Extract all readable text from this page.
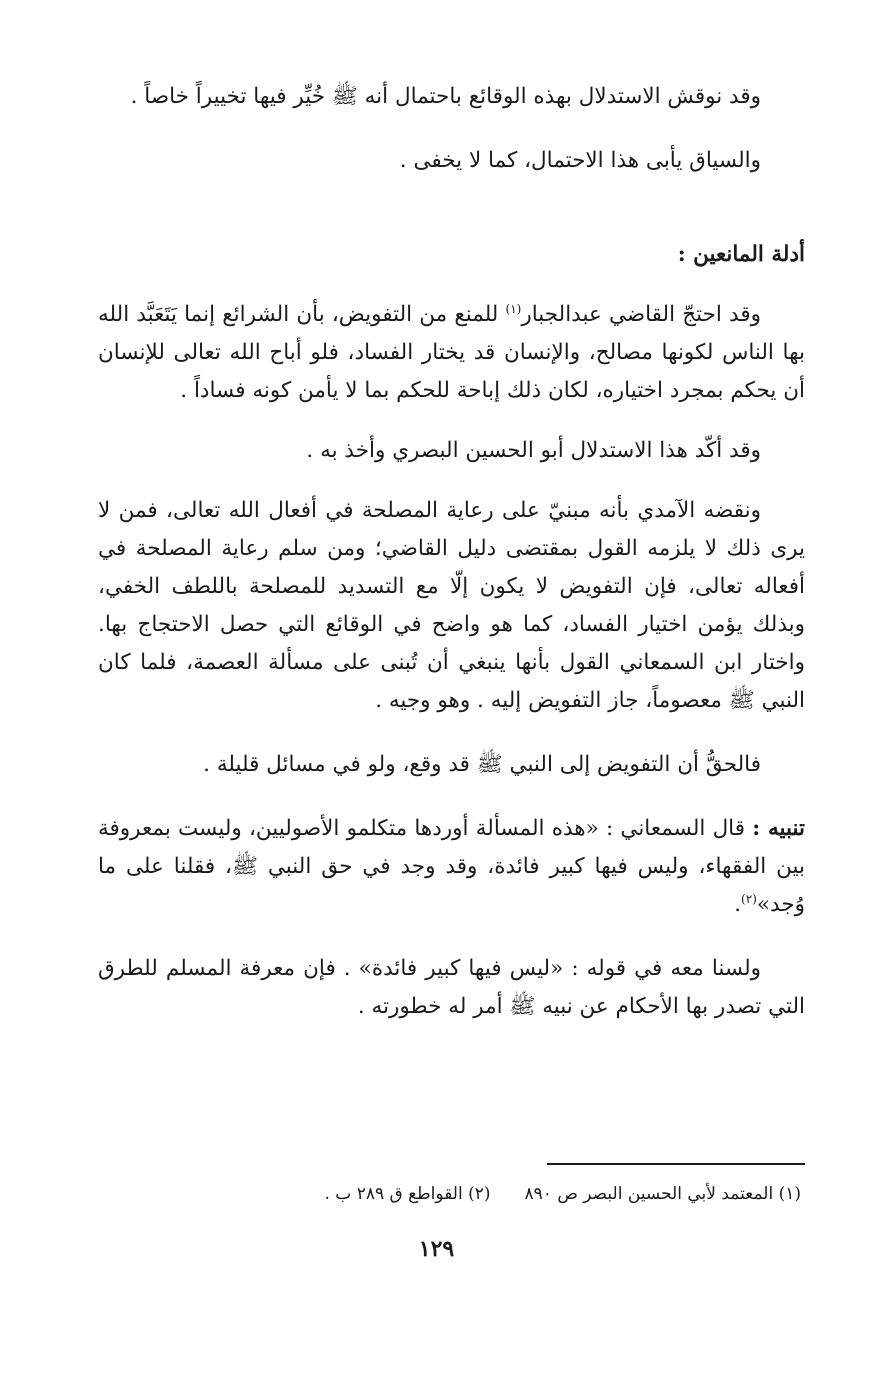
وقد نوقش الاستدلال بهذه الوقائع باحتمال أنه ﷺ خُيِّر فيها تخييراً خاصاً .

والسياق يأبى هذا الاحتمال، كما لا يخفى .

أدلة المانعين :

وقد احتجّ القاضي عبدالجبار$^{(١)}$ للمنع من التفويض، بأن الشرائع إنما يَتَعَبَّد الله بها الناس لكونها مصالح، والإنسان قد يختار الفساد، فلو أباح الله تعالى للإنسان أن يحكم بمجرد اختياره، لكان ذلك إباحة للحكم بما لا يأمن كونه فساداً .

وقد أكّد هذا الاستدلال أبو الحسين البصري وأخذ به .

ونقضه الآمدي بأنه مبنيّ على رعاية المصلحة في أفعال الله تعالى، فمن لا يرى ذلك لا يلزمه القول بمقتضى دليل القاضي؛ ومن سلم رعاية المصلحة في أفعاله تعالى، فإن التفويض لا يكون إلّا مع التسديد للمصلحة باللطف الخفي، وبذلك يؤمن اختيار الفساد، كما هو واضح في الوقائع التي حصل الاحتجاج بها. واختار ابن السمعاني القول بأنها ينبغي أن تُبنى على مسألة العصمة، فلما كان النبي ﷺ معصوماً، جاز التفويض إليه . وهو وجيه .

فالحقُّ أن التفويض إلى النبي ﷺ قد وقع، ولو في مسائل قليلة .

تنبيه : قال السمعاني : «هذه المسألة أوردها متكلمو الأصوليين، وليست بمعروفة بين الفقهاء، وليس فيها كبير فائدة، وقد وجد في حق النبي ﷺ، فقلنا على ما وُجد»$^{(٢)}$.

ولسنا معه في قوله : «ليس فيها كبير فائدة» . فإن معرفة المسلم للطرق التي تصدر بها الأحكام عن نبيه ﷺ أمر له خطورته .

(١) المعتمد لأبي الحسين البصر ص ٨٩٠(٢) القواطع ق ٢٨٩ ب .
١٢٩
